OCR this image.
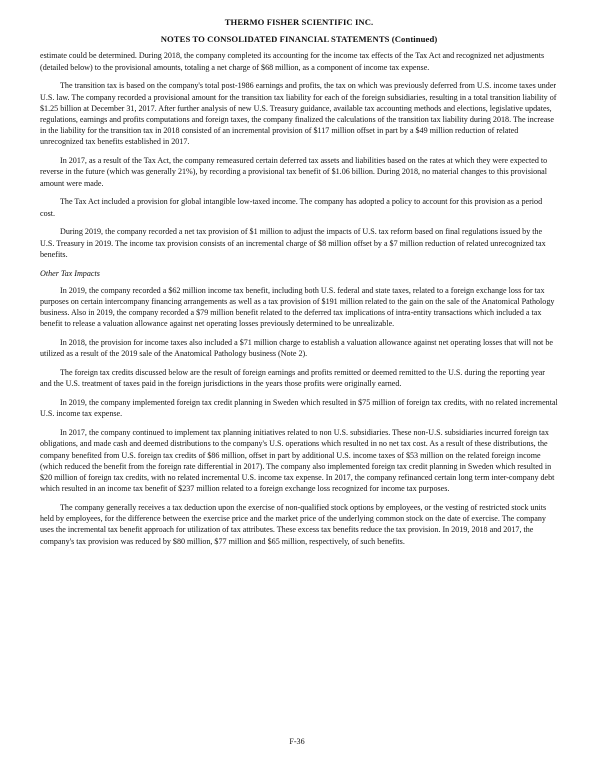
THERMO FISHER SCIENTIFIC INC.

NOTES TO CONSOLIDATED FINANCIAL STATEMENTS (Continued)

estimate could be determined. During 2018, the company completed its accounting for the income tax effects of the Tax Act and recognized net adjustments (detailed below) to the provisional amounts, totaling a net charge of $68 million, as a component of income tax expense.

The transition tax is based on the company's total post-1986 earnings and profits, the tax on which was previously deferred from U.S. income taxes under U.S. law. The company recorded a provisional amount for the transition tax liability for each of the foreign subsidiaries, resulting in a total transition liability of $1.25 billion at December 31, 2017. After further analysis of new U.S. Treasury guidance, available tax accounting methods and elections, legislative updates, regulations, earnings and profits computations and foreign taxes, the company finalized the calculations of the transition tax liability during 2018. The increase in the liability for the transition tax in 2018 consisted of an incremental provision of $117 million offset in part by a $49 million reduction of related unrecognized tax benefits established in 2017.

In 2017, as a result of the Tax Act, the company remeasured certain deferred tax assets and liabilities based on the rates at which they were expected to reverse in the future (which was generally 21%), by recording a provisional tax benefit of $1.06 billion. During 2018, no material changes to this provisional amount were made.

The Tax Act included a provision for global intangible low-taxed income. The company has adopted a policy to account for this provision as a period cost.

During 2019, the company recorded a net tax provision of $1 million to adjust the impacts of U.S. tax reform based on final regulations issued by the U.S. Treasury in 2019. The income tax provision consists of an incremental charge of $8 million offset by a $7 million reduction of related unrecognized tax benefits.

Other Tax Impacts

In 2019, the company recorded a $62 million income tax benefit, including both U.S. federal and state taxes, related to a foreign exchange loss for tax purposes on certain intercompany financing arrangements as well as a tax provision of $191 million related to the gain on the sale of the Anatomical Pathology business. Also in 2019, the company recorded a $79 million benefit related to the deferred tax implications of intra-entity transactions which included a tax benefit to release a valuation allowance against net operating losses previously determined to be unrealizable.

In 2018, the provision for income taxes also included a $71 million charge to establish a valuation allowance against net operating losses that will not be utilized as a result of the 2019 sale of the Anatomical Pathology business (Note 2).

The foreign tax credits discussed below are the result of foreign earnings and profits remitted or deemed remitted to the U.S. during the reporting year and the U.S. treatment of taxes paid in the foreign jurisdictions in the years those profits were originally earned.

In 2019, the company implemented foreign tax credit planning in Sweden which resulted in $75 million of foreign tax credits, with no related incremental U.S. income tax expense.

In 2017, the company continued to implement tax planning initiatives related to non U.S. subsidiaries. These non-U.S. subsidiaries incurred foreign tax obligations, and made cash and deemed distributions to the company's U.S. operations which resulted in no net tax cost. As a result of these distributions, the company benefited from U.S. foreign tax credits of $86 million, offset in part by additional U.S. income taxes of $53 million on the related foreign income (which reduced the benefit from the foreign rate differential in 2017). The company also implemented foreign tax credit planning in Sweden which resulted in $20 million of foreign tax credits, with no related incremental U.S. income tax expense. In 2017, the company refinanced certain long term inter-company debt which resulted in an income tax benefit of $237 million related to a foreign exchange loss recognized for income tax purposes.

The company generally receives a tax deduction upon the exercise of non-qualified stock options by employees, or the vesting of restricted stock units held by employees, for the difference between the exercise price and the market price of the underlying common stock on the date of exercise. The company uses the incremental tax benefit approach for utilization of tax attributes. These excess tax benefits reduce the tax provision. In 2019, 2018 and 2017, the company's tax provision was reduced by $80 million, $77 million and $65 million, respectively, of such benefits.

F-36
